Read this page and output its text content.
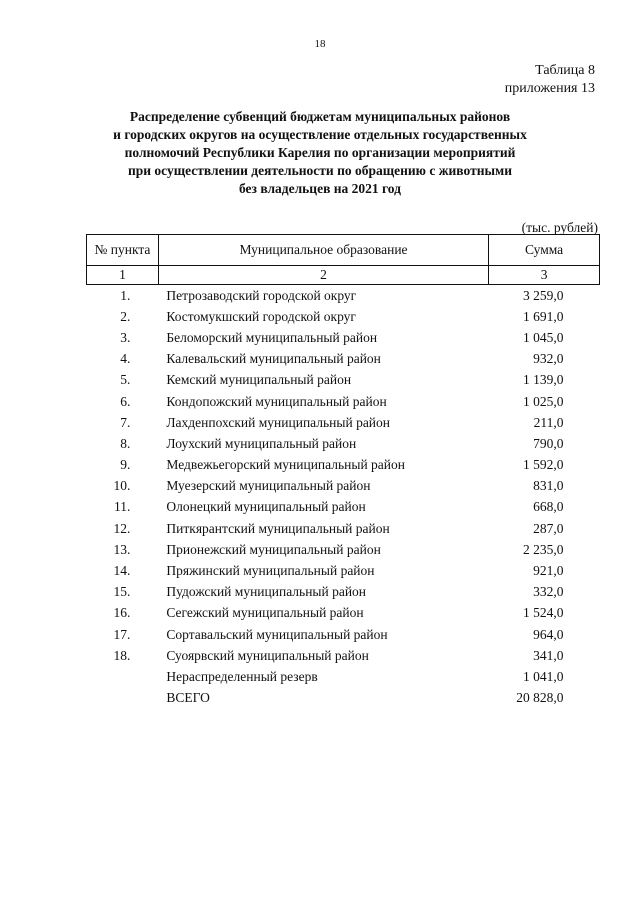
18
Таблица 8
приложения 13
Распределение субвенций бюджетам муниципальных районов
и городских округов на осуществление отдельных государственных
полномочий Республики Карелия по организации мероприятий
при осуществлении деятельности по обращению с животными
без владельцев на 2021 год
(тыс. рублей)
№ пункта	Муниципальное образование	Сумма
1	2	3
1.	Петрозаводский городской округ	3 259,0
2.	Костомукшский городской округ	1 691,0
3.	Беломорский муниципальный район	1 045,0
4.	Калевальский муниципальный район	932,0
5.	Кемский муниципальный район	1 139,0
6.	Кондопожский муниципальный район	1 025,0
7.	Лахденпохский муниципальный район	211,0
8.	Лоухский муниципальный район	790,0
9.	Медвежьегорский муниципальный район	1 592,0
10.	Муезерский муниципальный район	831,0
11.	Олонецкий муниципальный район	668,0
12.	Питкярантский муниципальный район	287,0
13.	Прионежский муниципальный район	2 235,0
14.	Пряжинский муниципальный район	921,0
15.	Пудожский муниципальный район	332,0
16.	Сегежский муниципальный район	1 524,0
17.	Сортавальский муниципальный район	964,0
18.	Суоярвский муниципальный район	341,0
	Нераспределенный резерв	1 041,0
	ВСЕГО	20 828,0
